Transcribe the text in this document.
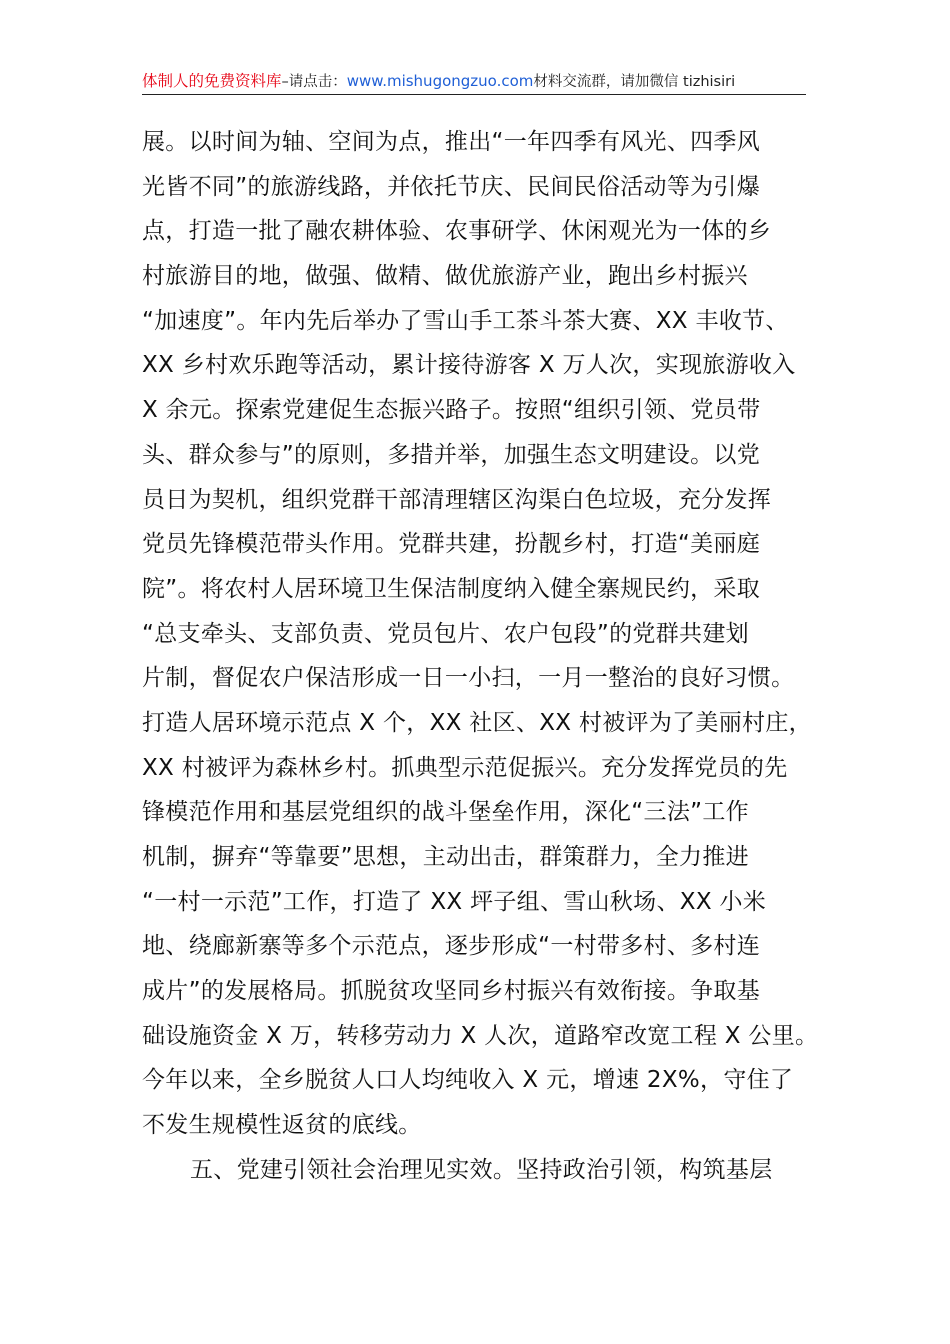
体制人的免费资料库–请点击：www.mishugongzuo.com材料交流群，请加微信 tizhisiri
展。以时间为轴、空间为点，推出“一年四季有风光、四季风
光皆不同”的旅游线路，并依托节庆、民间民俗活动等为引爆
点，打造一批了融农耕体验、农事研学、休闲观光为一体的乡
村旅游目的地，做强、做精、做优旅游产业，跑出乡村振兴
“加速度”。年内先后举办了雪山手工茶斗茶大赛、XX 丰收节、
XX 乡村欢乐跑等活动，累计接待游客 X 万人次，实现旅游收入
X 余元。探索党建促生态振兴路子。按照“组织引领、党员带
头、群众参与”的原则，多措并举，加强生态文明建设。以党
员日为契机，组织党群干部清理辖区沟渠白色垃圾，充分发挥
党员先锋模范带头作用。党群共建，扮靓乡村，打造“美丽庭
院”。将农村人居环境卫生保洁制度纳入健全寨规民约，采取
“总支牵头、支部负责、党员包片、农户包段”的党群共建划
片制，督促农户保洁形成一日一小扫，一月一整治的良好习惯。
打造人居环境示范点 X 个，XX 社区、XX 村被评为了美丽村庄，
XX 村被评为森林乡村。抓典型示范促振兴。充分发挥党员的先
锋模范作用和基层党组织的战斗堡垒作用，深化“三法”工作
机制，摒弃“等靠要”思想，主动出击，群策群力，全力推进
“一村一示范”工作，打造了 XX 坪子组、雪山秋场、XX 小米
地、绕廊新寨等多个示范点，逐步形成“一村带多村、多村连
成片”的发展格局。抓脱贫攻坚同乡村振兴有效衔接。争取基
础设施资金 X 万，转移劳动力 X 人次，道路窄改宽工程 X 公里。
今年以来，全乡脱贫人口人均纯收入 X 元，增速 2X%，守住了
不发生规模性返贫的底线。
五、党建引领社会治理见实效。坚持政治引领，构筑基层
